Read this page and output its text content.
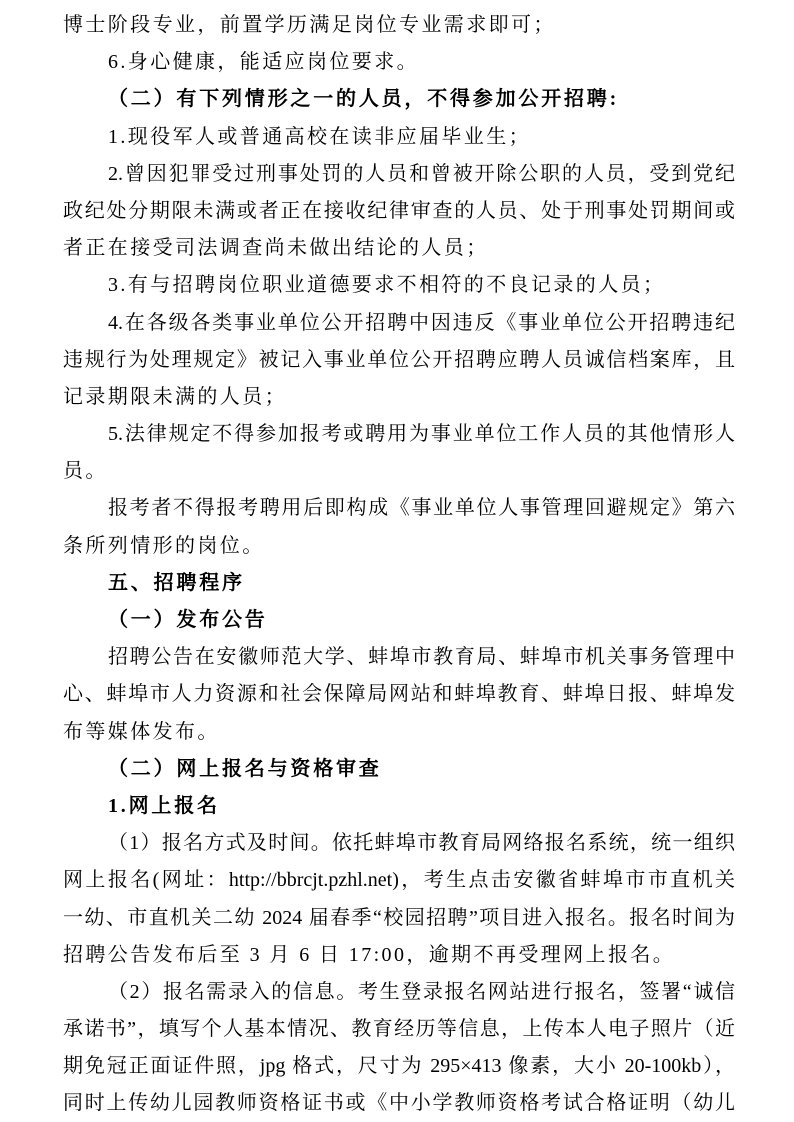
博士阶段专业，前置学历满足岗位专业需求即可；
6.身心健康，能适应岗位要求。
（二）有下列情形之一的人员，不得参加公开招聘:
1.现役军人或普通高校在读非应届毕业生；
2.曾因犯罪受过刑事处罚的人员和曾被开除公职的人员，受到党纪
政纪处分期限未满或者正在接收纪律审查的人员、处于刑事处罚期间或
者正在接受司法调查尚未做出结论的人员；
3.有与招聘岗位职业道德要求不相符的不良记录的人员；
4.在各级各类事业单位公开招聘中因违反《事业单位公开招聘违纪
违规行为处理规定》被记入事业单位公开招聘应聘人员诚信档案库，且
记录期限未满的人员；
5.法律规定不得参加报考或聘用为事业单位工作人员的其他情形人
员。
报考者不得报考聘用后即构成《事业单位人事管理回避规定》第六
条所列情形的岗位。
五、招聘程序
（一）发布公告
招聘公告在安徽师范大学、蚌埠市教育局、蚌埠市机关事务管理中
心、蚌埠市人力资源和社会保障局网站和蚌埠教育、蚌埠日报、蚌埠发
布等媒体发布。
（二）网上报名与资格审查
1.网上报名
（1）报名方式及时间。依托蚌埠市教育局网络报名系统，统一组织
网上报名(网址：http://bbrcjt.pzhl.net)，考生点击安徽省蚌埠市市直机关
一幼、市直机关二幼 2024 届春季“校园招聘”项目进入报名。报名时间为
招聘公告发布后至 3 月 6 日 17:00，逾期不再受理网上报名。
（2）报名需录入的信息。考生登录报名网站进行报名，签署“诚信
承诺书”，填写个人基本情况、教育经历等信息，上传本人电子照片（近
期免冠正面证件照，jpg 格式，尺寸为 295×413 像素，大小 20-100kb），
同时上传幼儿园教师资格证书或《中小学教师资格考试合格证明（幼儿
